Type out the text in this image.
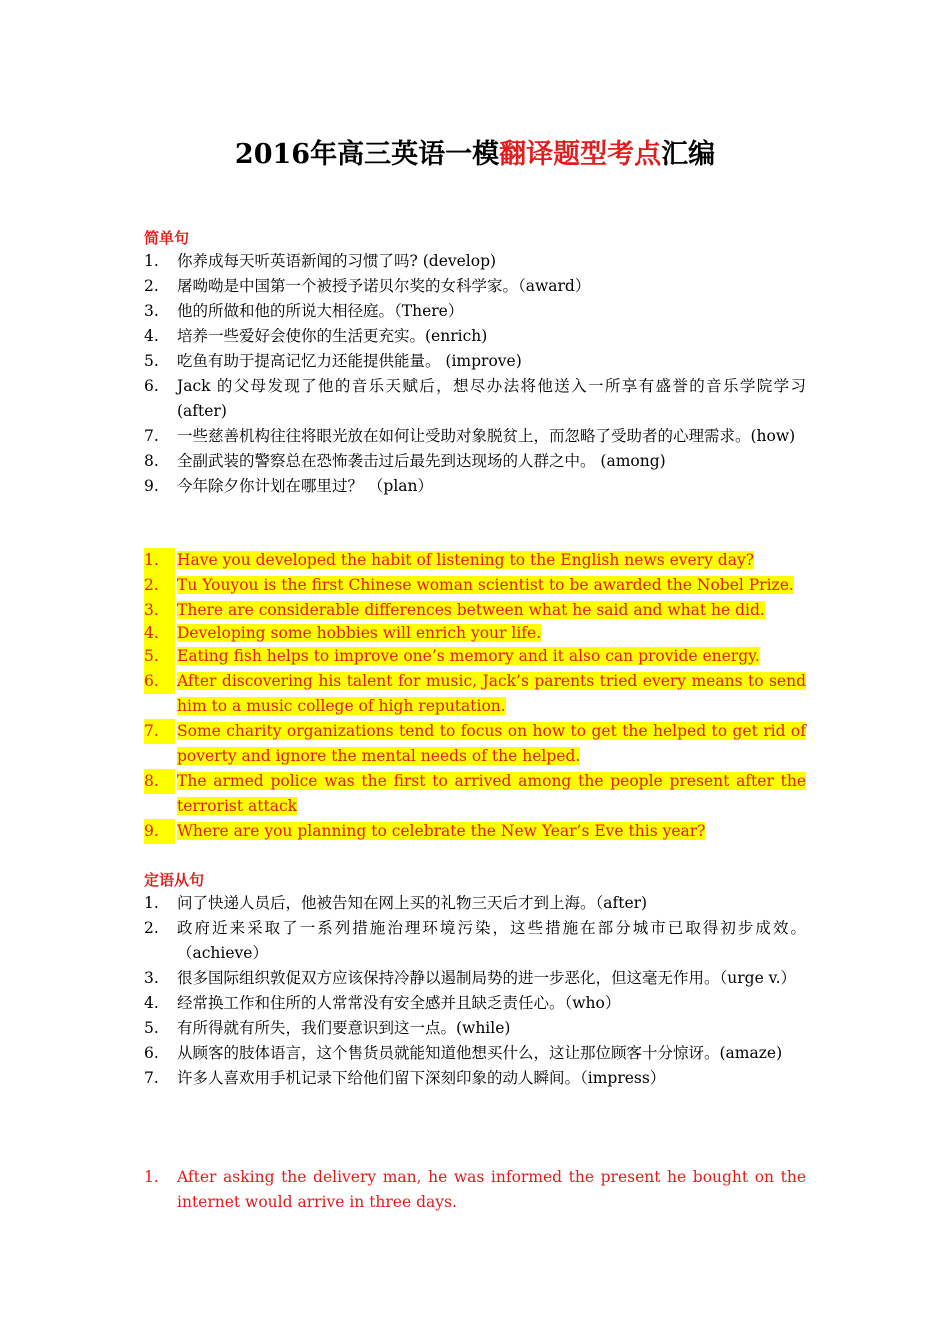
2016年高三英语一模翻译题型考点汇编
简单句
1. 你养成每天听英语新闻的习惯了吗? (develop)
2. 屠呦呦是中国第一个被授予诺贝尔奖的女科学家。（award）
3. 他的所做和他的所说大相径庭。（There）
4. 培养一些爱好会使你的生活更充实。(enrich)
5. 吃鱼有助于提高记忆力还能提供能量。 (improve)
6. Jack 的父母发现了他的音乐天赋后，想尽办法将他送入一所享有盛誉的音乐学院学习 (after)
7. 一些慈善机构往往将眼光放在如何让受助对象脱贫上，而忽略了受助者的心理需求。(how)
8. 全副武装的警察总在恐怖袭击过后最先到达现场的人群之中。 (among)
9. 今年除夕你计划在哪里过？ （plan）
1.	Have you developed the habit of listening to the English news every day?
2.	Tu Youyou is the first Chinese woman scientist to be awarded the Nobel Prize.
3.	There are considerable differences between what he said and what he did.
4.	Developing some hobbies will enrich your life.
5.	Eating fish helps to improve one’s memory and it also can provide energy.
6.	After discovering his talent for music, Jack’s parents tried every means to send him to a music college of high reputation.
7.	Some charity organizations tend to focus on how to get the helped to get rid of poverty and ignore the mental needs of the helped.
8.	The armed police was the first to arrived among the people present after the terrorist attack
9.	Where are you planning to celebrate the New Year’s Eve this year?
定语从句
1. 问了快递人员后，他被告知在网上买的礼物三天后才到上海。（after)
2. 政府近来采取了一系列措施治理环境污染，这些措施在部分城市已取得初步成效。（achieve）
3. 很多国际组织敦促双方应该保持冷静以遏制局势的进一步恶化，但这毫无作用。（urge v.）
4. 经常换工作和住所的人常常没有安全感并且缺乏责任心。（who）
5. 有所得就有所失，我们要意识到这一点。(while)
6. 从顾客的肢体语言，这个售货员就能知道他想买什么，这让那位顾客十分惊讶。(amaze)
7. 许多人喜欢用手机记录下给他们留下深刻印象的动人瞬间。（impress）
1. After asking the delivery man, he was informed the present he bought on the internet would arrive in three days.
